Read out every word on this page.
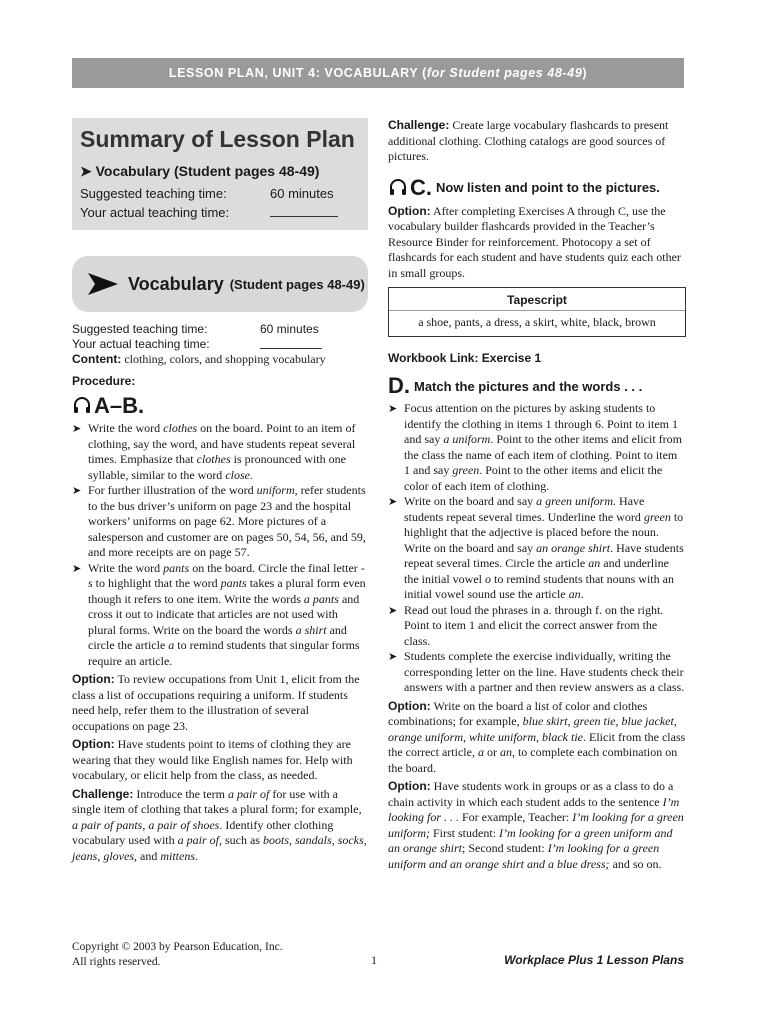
LESSON PLAN, UNIT 4: VOCABULARY (for Student pages 48-49)
Summary of Lesson Plan
➤ Vocabulary (Student pages 48-49)
Suggested teaching time:	60 minutes
Your actual teaching time:
Vocabulary (Student pages 48-49)
Suggested teaching time:	60 minutes
Your actual teaching time:

Content: clothing, colors, and shopping vocabulary

Procedure:

A–B.
➤ Write the word clothes on the board. Point to an item of clothing, say the word, and have students repeat several times. Emphasize that clothes is pronounced with one syllable, similar to the word close.
➤ For further illustration of the word uniform, refer students to the bus driver’s uniform on page 23 and the hospital workers’ uniforms on page 62. More pictures of a salesperson and customer are on pages 50, 54, 56, and 59, and more receipts are on page 57.
➤ Write the word pants on the board. Circle the final letter -s to highlight that the word pants takes a plural form even though it refers to one item. Write the words a pants and cross it out to indicate that articles are not used with plural forms. Write on the board the words a shirt and circle the article a to remind students that singular forms require an article.

Option: To review occupations from Unit 1, elicit from the class a list of occupations requiring a uniform. If students need help, refer them to the illustration of several occupations on page 23.

Option: Have students point to items of clothing they are wearing that they would like English names for. Help with vocabulary, or elicit help from the class, as needed.

Challenge: Introduce the term a pair of for use with a single item of clothing that takes a plural form; for example, a pair of pants, a pair of shoes. Identify other clothing vocabulary used with a pair of, such as boots, sandals, socks, jeans, gloves, and mittens.

Challenge: Create large vocabulary flashcards to present additional clothing. Clothing catalogs are good sources of pictures.

C. Now listen and point to the pictures.

Option: After completing Exercises A through C, use the vocabulary builder flashcards provided in the Teacher’s Resource Binder for reinforcement. Photocopy a set of flashcards for each student and have students quiz each other in small groups.

Tapescript
a shoe, pants, a dress, a skirt, white, black, brown
Workbook Link: Exercise 1
D. Match the pictures and the words . . .
➤ Focus attention on the pictures by asking students to identify the clothing in items 1 through 6. Point to item 1 and say a uniform. Point to the other items and elicit from the class the name of each item of clothing. Point to item 1 and say green. Point to the other items and elicit the color of each item of clothing.
➤ Write on the board and say a green uniform. Have students repeat several times. Underline the word green to highlight that the adjective is placed before the noun. Write on the board and say an orange shirt. Have students repeat several times. Circle the article an and underline the initial vowel o to remind students that nouns with an initial vowel sound use the article an.
➤ Read out loud the phrases in a. through f. on the right. Point to item 1 and elicit the correct answer from the class.
➤ Students complete the exercise individually, writing the corresponding letter on the line. Have students check their answers with a partner and then review answers as a class.

Option: Write on the board a list of color and clothes combinations; for example, blue skirt, green tie, blue jacket, orange uniform, white uniform, black tie. Elicit from the class the correct article, a or an, to complete each combination on the board.

Option: Have students work in groups or as a class to do a chain activity in which each student adds to the sentence I’m looking for . . . For example, Teacher: I’m looking for a green uniform; First student: I’m looking for a green uniform and an orange shirt; Second student: I’m looking for a green uniform and an orange shirt and a blue dress; and so on.

Copyright © 2003 by Pearson Education, Inc.
All rights reserved.	1	Workplace Plus 1 Lesson Plans
